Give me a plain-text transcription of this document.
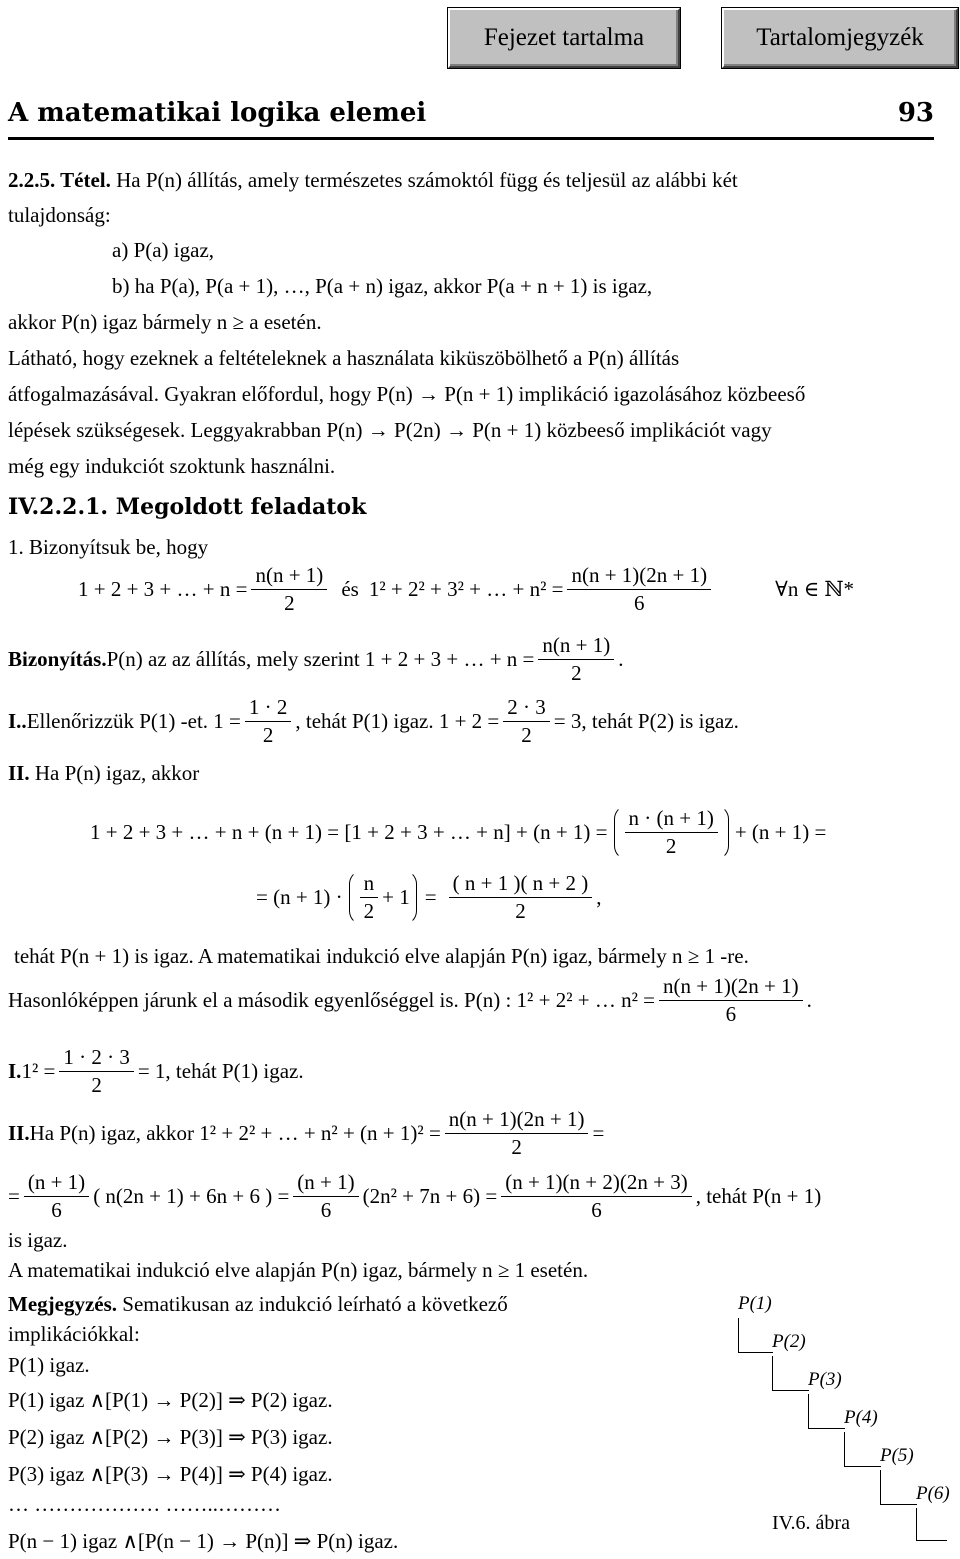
Fejezet tartalma	Tartalomjegyzék
A matematikai logika elemei	93
2.2.5. Tétel. Ha P(n) állítás, amely természetes számoktól függ és teljesül az alábbi két
tulajdonság:
a) P(a) igaz,
b) ha P(a), P(a + 1), …, P(a + n) igaz, akkor P(a + n + 1) is igaz,
akkor P(n) igaz bármely n ≥ a esetén.
Látható, hogy ezeknek a feltételeknek a használata kiküszöbölhető a P(n) állítás
átfogalmazásával. Gyakran előfordul, hogy P(n) → P(n + 1) implikáció igazolásához közbeeső
lépések szükségesek. Leggyakrabban P(n) → P(2n) → P(n + 1) közbeeső implikációt vagy
még egy indukciót szoktunk használni.
IV.2.2.1. Megoldott feladatok
1. Bizonyítsuk be, hogy
1 + 2 + 3 + … + $n = \frac{n(n + 1)}{2}$ és 1² + 2² + 3² + … + $n^2 = \frac{n(n + 1)(2n + 1)}{6}$	∀n ∈ ℕ*
Bizonyítás. P(n) az az állítás, mely szerint 1 + 2 + 3 + … + $n = \frac{n(n + 1)}{2}$ .
I.. Ellenőrizzük P(1) -et. $1 = \frac{1 \cdot 2}{2}$ , tehát P(1) igaz. $1 + 2 = \frac{2 \cdot 3}{2} = 3$, tehát P(2) is igaz.
II. Ha P(n) igaz, akkor
1 + 2 + 3 + … + n + (n + 1) = [1 + 2 + 3 + … + $n] + (n + 1) = \frac{n \cdot (n + 1)}{2} + (n + 1)$ =
= $(n + 1) \cdot \frac{n}{2} + 1 = \frac{( n + 1 )( n + 2 )}{2}$ ,
tehát P(n + 1) is igaz. A matematikai indukció elve alapján P(n) igaz, bármely n ≥ 1 -re.
Hasonlóképpen járunk el a második egyenlőséggel is. P(n) : 1² + 2² + … $n^2 = \frac{n(n + 1)(2n + 1)}{6}$ .
I. $1^2 = \frac{1 \cdot 2 \cdot 3}{2} = 1$, tehát P(1) igaz.
II. Ha P(n) igaz, akkor 1² + 2² + … + $n^2 + (n + 1)^2 = \frac{n(n + 1)(2n + 1)}{2}$ =
= $\frac{(n + 1)}{6}$ ( n(2n + 1) + 6n + 6 ) = $\frac{(n + 1)}{6} (2n^2 + 7n + 6) = \frac{(n + 1)(n + 2)(2n + 3)}{6}$ , tehát P(n + 1)
is igaz.
A matematikai indukció elve alapján P(n) igaz, bármely n ≥ 1 esetén.
Megjegyzés. Sematikusan az indukció leírható a következő
implikációkkal:
P(1) igaz.
P(1) igaz ∧[P(1) → P(2)] ⇒ P(2) igaz.
P(2) igaz ∧[P(2) → P(3)] ⇒ P(3) igaz.
P(3) igaz ∧[P(3) → P(4)] ⇒ P(4) igaz.
… ……………… ……..………
P(n − 1) igaz ∧[P(n − 1) → P(n)] ⇒ P(n) igaz.
P(1)
P(2)
P(3)
P(4)
P(5)
P(6)
IV.6. ábra
